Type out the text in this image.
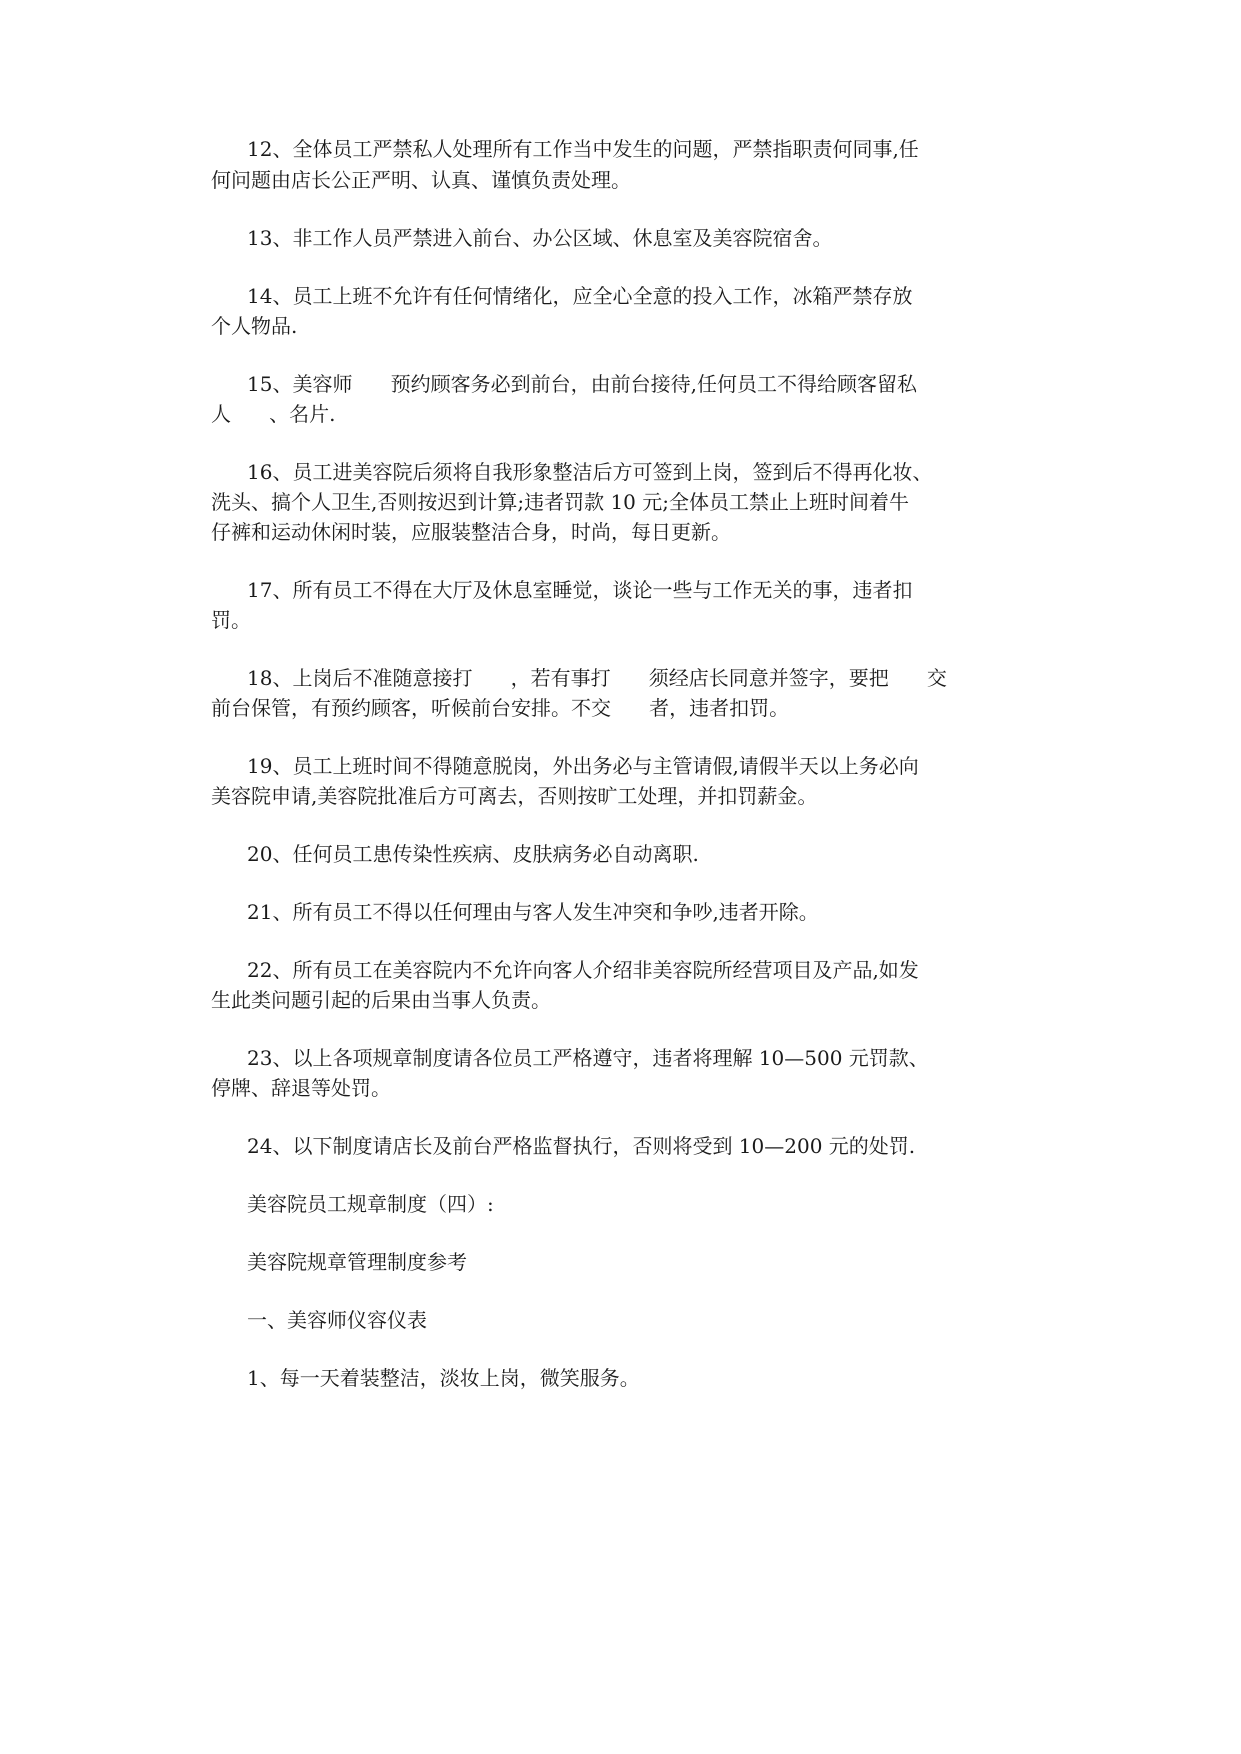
12、全体员工严禁私人处理所有工作当中发生的问题，严禁指职责何同事,任

何问题由店长公正严明、认真、谨慎负责处理。

13、非工作人员严禁进入前台、办公区域、休息室及美容院宿舍。

14、员工上班不允许有任何情绪化，应全心全意的投入工作，冰箱严禁存放

个人物品.

15、美容师      预约顾客务必到前台，由前台接待,任何员工不得给顾客留私

人      、名片.

16、员工进美容院后须将自我形象整洁后方可签到上岗，签到后不得再化妆、

洗头、搞个人卫生,否则按迟到计算;违者罚款 10 元;全体员工禁止上班时间着牛

仔裤和运动休闲时装，应服装整洁合身，时尚，每日更新。

17、所有员工不得在大厅及休息室睡觉，谈论一些与工作无关的事，违者扣

罚。

18、上岗后不准随意接打      ，若有事打      须经店长同意并签字，要把      交

前台保管，有预约顾客，听候前台安排。不交      者，违者扣罚。

19、员工上班时间不得随意脱岗，外出务必与主管请假,请假半天以上务必向

美容院申请,美容院批准后方可离去，否则按旷工处理，并扣罚薪金。

20、任何员工患传染性疾病、皮肤病务必自动离职.

21、所有员工不得以任何理由与客人发生冲突和争吵,违者开除。

22、所有员工在美容院内不允许向客人介绍非美容院所经营项目及产品,如发

生此类问题引起的后果由当事人负责。

23、以上各项规章制度请各位员工严格遵守，违者将理解 10—500 元罚款、

停牌、辞退等处罚。

24、以下制度请店长及前台严格监督执行，否则将受到 10—200 元的处罚.

美容院员工规章制度（四）:

美容院规章管理制度参考

一、美容师仪容仪表

1、每一天着装整洁，淡妆上岗，微笑服务。
